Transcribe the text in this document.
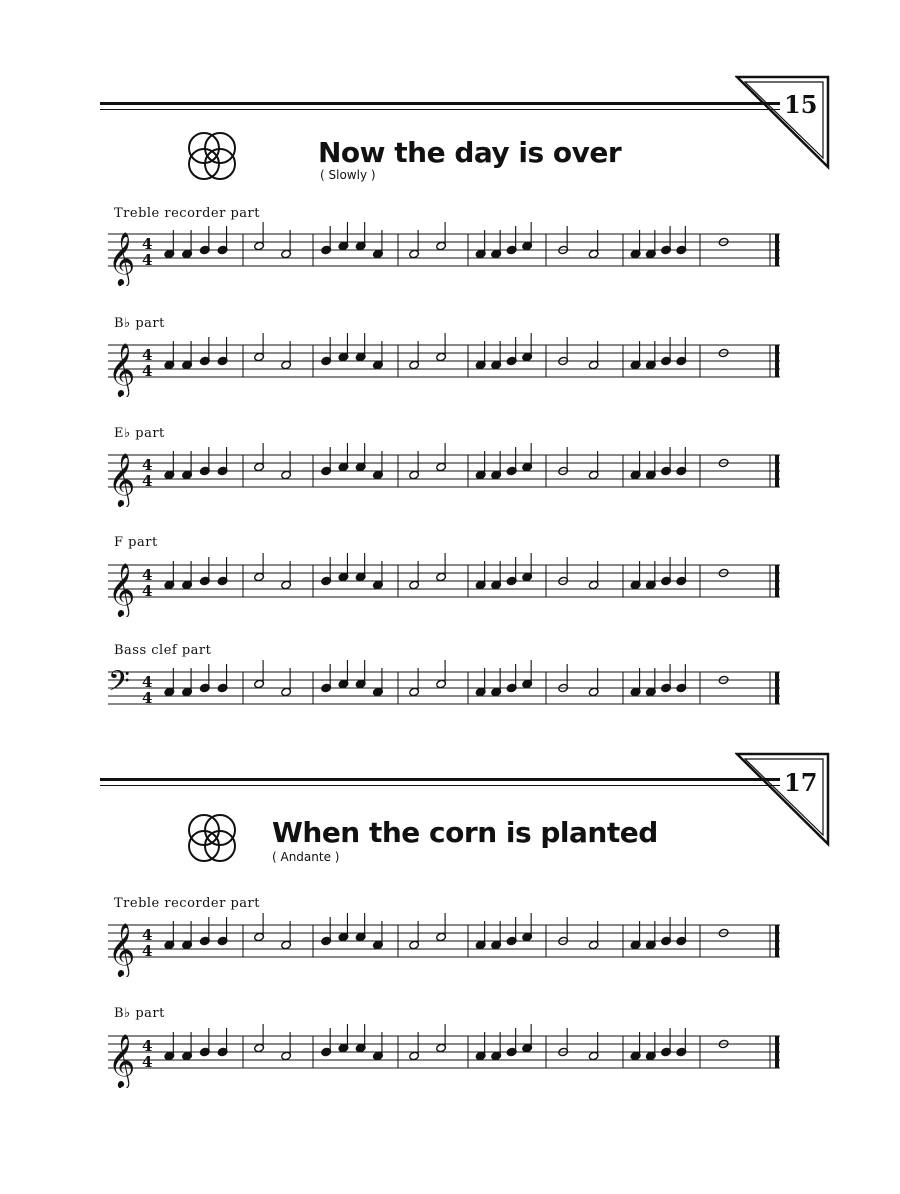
15
Now the day is over
( Slowly )
Treble recorder part
𝄞 4
4
B♭ part
𝄞 4
4
E♭ part
𝄞 4
4
F part
𝄞 4
4
Bass clef part
𝄢 4
4
17
When the corn is planted
( Andante )
Treble recorder part
𝄞 4
4
B♭ part
𝄞 4
4
